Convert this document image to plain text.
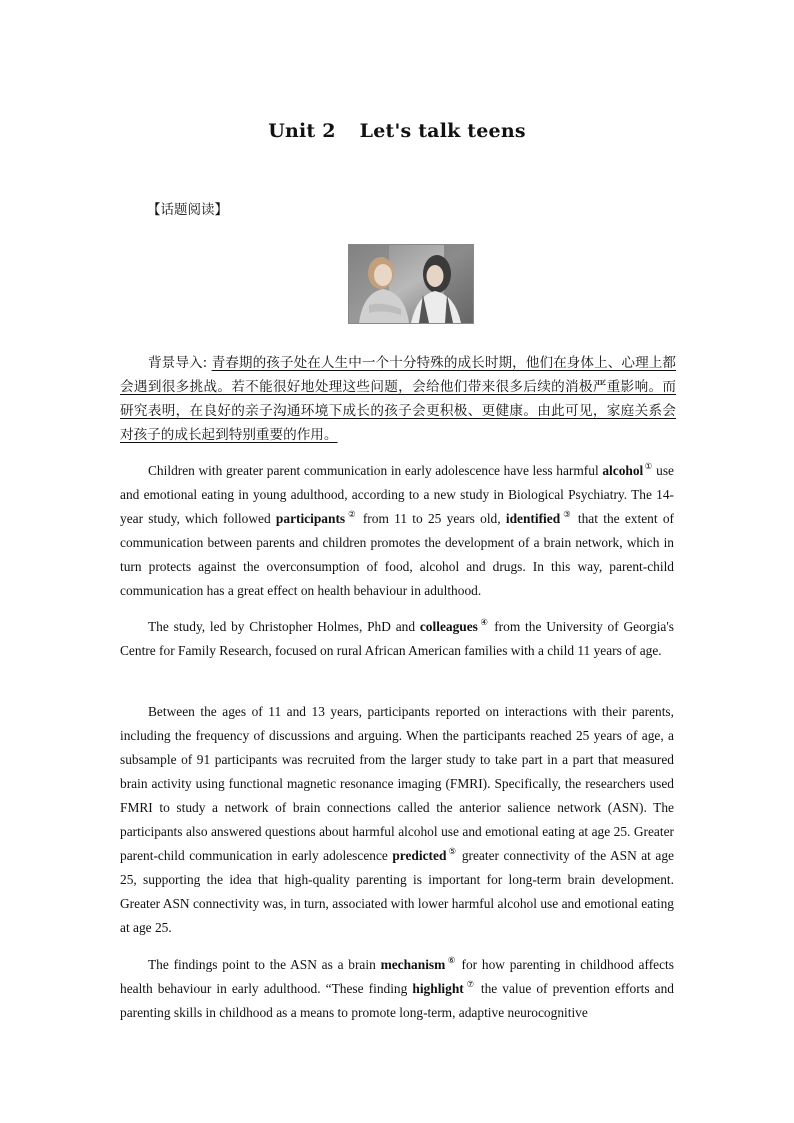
Unit 2 Let's talk teens
【话题阅读】
背景导入: 青春期的孩子处在人生中一个十分特殊的成长时期，他们在身体上、心理上都会遇到很多挑战。若不能很好地处理这些问题，会给他们带来很多后续的消极严重影响。而研究表明，在良好的亲子沟通环境下成长的孩子会更积极、更健康。由此可见，家庭关系会对孩子的成长起到特别重要的作用。

Children with greater parent communication in early adolescence have less harmful alcohol① use and emotional eating in young adulthood, according to a new study in Biological Psychiatry. The 14-year study, which followed participants② from 11 to 25 years old, identified③ that the extent of communication between parents and children promotes the development of a brain network, which in turn protects against the overconsumption of food, alcohol and drugs. In this way, parent-child communication has a great effect on health behaviour in adulthood.

The study, led by Christopher Holmes, PhD and colleagues④ from the University of Georgia's Centre for Family Research, focused on rural African American families with a child 11 years of age.

Between the ages of 11 and 13 years, participants reported on interactions with their parents, including the frequency of discussions and arguing. When the participants reached 25 years of age, a subsample of 91 participants was recruited from the larger study to take part in a part that measured brain activity using functional magnetic resonance imaging (FMRI). Specifically, the researchers used FMRI to study a network of brain connections called the anterior salience network (ASN). The participants also answered questions about harmful alcohol use and emotional eating at age 25. Greater parent-child communication in early adolescence predicted⑤ greater connectivity of the ASN at age 25, supporting the idea that high-quality parenting is important for long-term brain development. Greater ASN connectivity was, in turn, associated with lower harmful alcohol use and emotional eating at age 25.

The findings point to the ASN as a brain mechanism⑥ for how parenting in childhood affects health behaviour in early adulthood. “These finding highlight⑦ the value of prevention efforts and parenting skills in childhood as a means to promote long-term, adaptive neurocognitive
